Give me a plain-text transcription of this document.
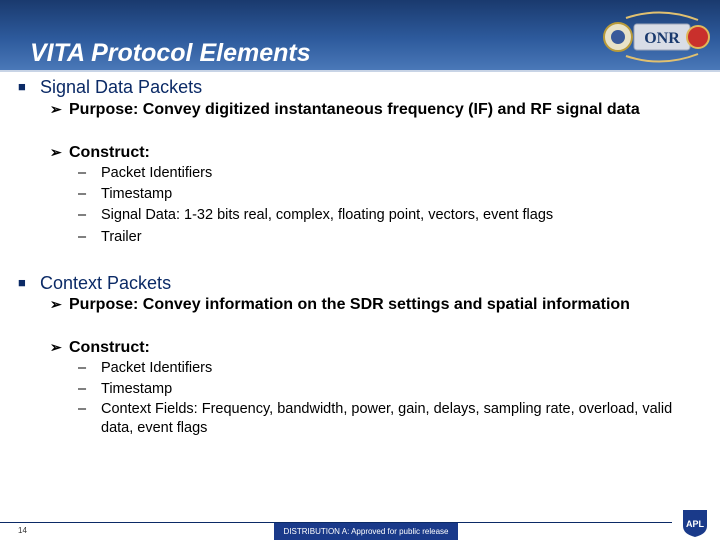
VITA Protocol Elements
ONR
■ Signal Data Packets
➢ Purpose: Convey digitized instantaneous frequency (IF) and RF signal data
➢ Construct:
– Packet Identifiers
– Timestamp
– Signal Data: 1-32 bits real, complex, floating point, vectors, event flags
– Trailer
■ Context Packets
➢ Purpose: Convey information on the SDR settings and spatial information
➢ Construct:
– Packet Identifiers
– Timestamp
– Context Fields: Frequency, bandwidth, power, gain, delays, sampling rate, overload, valid data, event flags
14	DISTRIBUTION A: Approved for public release
APL
